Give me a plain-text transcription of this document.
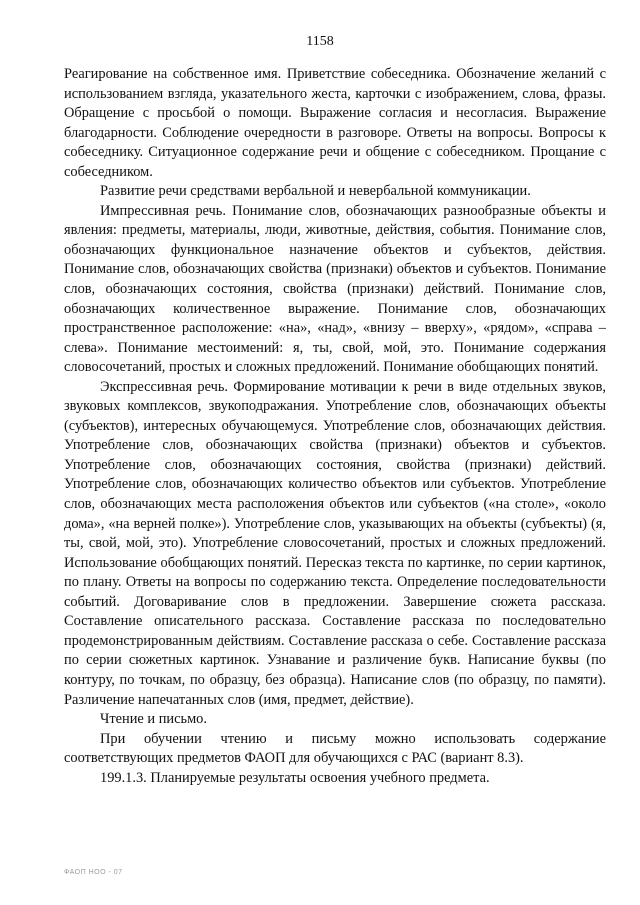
1158

Реагирование на собственное имя. Приветствие собеседника. Обозначение желаний с использованием взгляда, указательного жеста, карточки с изображением, слова, фразы. Обращение с просьбой о помощи. Выражение согласия и несогласия. Выражение благодарности. Соблюдение очередности в разговоре. Ответы на вопросы. Вопросы к собеседнику. Ситуационное содержание речи и общение с собеседником. Прощание с собеседником.

Развитие речи средствами вербальной и невербальной коммуникации.

Импрессивная речь. Понимание слов, обозначающих разнообразные объекты и явления: предметы, материалы, люди, животные, действия, события. Понимание слов, обозначающих функциональное назначение объектов и субъектов, действия. Понимание слов, обозначающих свойства (признаки) объектов и субъектов. Понимание слов, обозначающих состояния, свойства (признаки) действий. Понимание слов, обозначающих количественное выражение. Понимание слов, обозначающих пространственное расположение: «на», «над», «внизу – вверху», «рядом», «справа – слева». Понимание местоимений: я, ты, свой, мой, это. Понимание содержания словосочетаний, простых и сложных предложений. Понимание обобщающих понятий.

Экспрессивная речь. Формирование мотивации к речи в виде отдельных звуков, звуковых комплексов, звукоподражания. Употребление слов, обозначающих объекты (субъектов), интересных обучающемуся. Употребление слов, обозначающих действия. Употребление слов, обозначающих свойства (признаки) объектов и субъектов. Употребление слов, обозначающих состояния, свойства (признаки) действий. Употребление слов, обозначающих количество объектов или субъектов. Употребление слов, обозначающих места расположения объектов или субъектов («на столе», «около дома», «на верней полке»). Употребление слов, указывающих на объекты (субъекты) (я, ты, свой, мой, это). Употребление словосочетаний, простых и сложных предложений. Использование обобщающих понятий. Пересказ текста по картинке, по серии картинок, по плану. Ответы на вопросы по содержанию текста. Определение последовательности событий. Договаривание слов в предложении. Завершение сюжета рассказа. Составление описательного рассказа. Составление рассказа по последовательно продемонстрированным действиям. Составление рассказа о себе. Составление рассказа по серии сюжетных картинок. Узнавание и различение букв. Написание буквы (по контуру, по точкам, по образцу, без образца). Написание слов (по образцу, по памяти). Различение напечатанных слов (имя, предмет, действие).

Чтение и письмо.

При обучении чтению и письму можно использовать содержание соответствующих предметов ФАОП для обучающихся с РАС (вариант 8.3).

199.1.3. Планируемые результаты освоения учебного предмета.

ФАОП НОО - 07
